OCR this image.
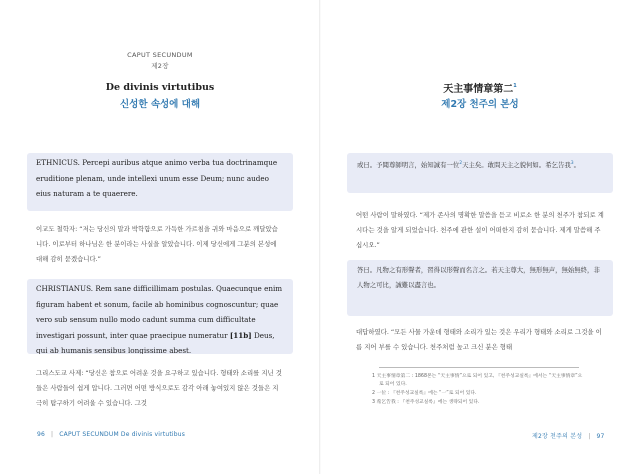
CAPUT SECUNDUM
제2장
De divinis virtutibus
신성한 속성에 대해
ETHNICUS. Percepi auribus atque animo verba tua doctrinamque eruditione plenam, unde intellexi unum esse Deum; nunc audeo eius naturam a te quaerere.
이교도 철학자: “저는 당신의 말과 박학함으로 가득한 가르침을 귀와 마음으로 깨달았습니다. 이로부터 하나님은 한 분이라는 사실을 알았습니다. 이제 당신에게 그분의 본성에 대해 감히 묻겠습니다.”
CHRISTIANUS. Rem sane difficillimam postulas. Quaecunque enim figuram habent et sonum, facile ab hominibus cognoscuntur; quae vero sub sensum nullo modo cadunt summa cum difficultate investigari possunt, inter quae praecipue numeratur [11b] Deus, qui ab humanis sensibus longissime abest.
그리스도교 사제: “당신은 참으로 어려운 것을 요구하고 있습니다. 형태와 소리를 지닌 것들은 사람들이 쉽게 압니다. 그러면 어떤 방식으로도 감각 아래 놓여있지 않은 것들은 지극히 탐구하기 어려울 수 있습니다. 그것
96 | CAPUT SECUNDUM De divinis virtutibus
天主事情章第二$^1$
제2장 천주의 본성
或曰。予聞尊師明言，始知誠有一位$^2$天主矣。敢問天主之貌何如。希乞告我$^3$。
어떤 사람이 말하였다. “제가 존사의 명확한 말씀을 듣고 비로소 한 분의 천주가 참되로 계시다는 것을 알게 되었습니다. 천주에 관한 설이 어떠한지 감히 묻습니다. 제게 말씀해 주십시오.”
答曰。凡物之有形聲者，習得以形聲而名言之。若天主尊大，無形無声，無始無終，非人物之可比，誠難以盡言也。
대답하였다. “모든 사물 가운데 형태와 소리가 있는 것은 우리가 형태와 소리로 그것을 이름 지어 부를 수 있습니다. 천주처럼 높고 크신 분은 형태
1 天主事情章第二 : 1868본는 “天主事情”으로 되어 있고, 『천주성교실록』에서는 “天主事情章”으
로 되어 있다.
2 一位 : 『천주성교실록』에는 “一”로 되어 있다.
3 希乞告我 : 『천주성교실록』에는 생략되어 있다.
제2장 천주의 본성 | 97
